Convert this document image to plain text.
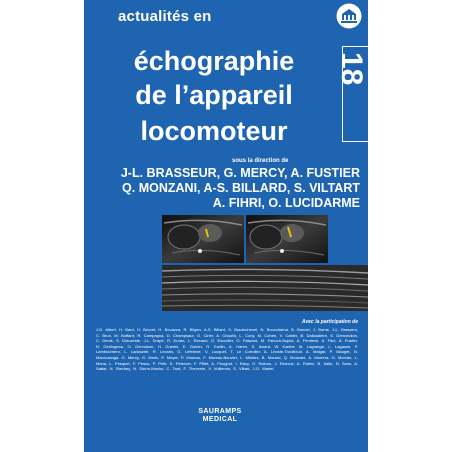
actualités en
échographie
de l’appareil
locomoteur
18
sous la direction de
J-L. BRASSEUR, G. MERCY, A. FUSTIER
Q. MONZANI, A-S. BILLARD, S. VILTART
A. FIHRI, O. LUCIDARME
Avec la participation de
J-D. Albert, H. Bard, H. Brunet, H. Bouazza, R. Bilgen, A-S. Billard, S. Bouzkchenel, N. Boucchama, B. Boncet, J. Borne, J-L. Brasseur, C. Brun, M. Buffard, R. Campagna, D. Champsaur, G. Cirier, A. Chaulin, L. Cony, M. Cohen, V. Cattier, B. Dallaudière, S. Demondion, C. Denis, S. Dieuzeide, J-L. Drapé, R. Duran, L. Eireand, G. Escudier, O. Faisand, M. Fabuch-Bujold, A. Fendeck, A. Fihri, A. Fustier, N. Gerlingeau, O. Gervolson, H. Guerini, E. Guirier, R. Guillin, A. Haren, S. Isnard, W. Kaclier, M. Lagrange, L. Lagasse, P. Lambournero, L. Ladouziet, R. Lecaris, G. Lefebvre, V. Lucquet, T. Le Corroller, A. Lhoste-Trouilloud, A. Malgar, P. Mauget, N. Marouzanga, G. Mercy, G. Meric, P. Meyer, P. Moreau, F. Moreau-Bouvier, L. Mirides, B. Morard, Q. Monzani, A. Morrera, G. Morvan, L. Mena, L. Pesquet, F. Pesso, P. Petit, D. Petrover, F. Pillet, A. Pougnot, I. Racy, G. Rainon, J. Renoux, A. Rubini, B. Salle, N. Sans, A. Sattar, N. Stechey, N. Sturm-Macho, C. Tard, F. Thevenin, V. Vuillemin, S. Viltart, J-O. Wartel
SAURAMPS
MEDICAL
